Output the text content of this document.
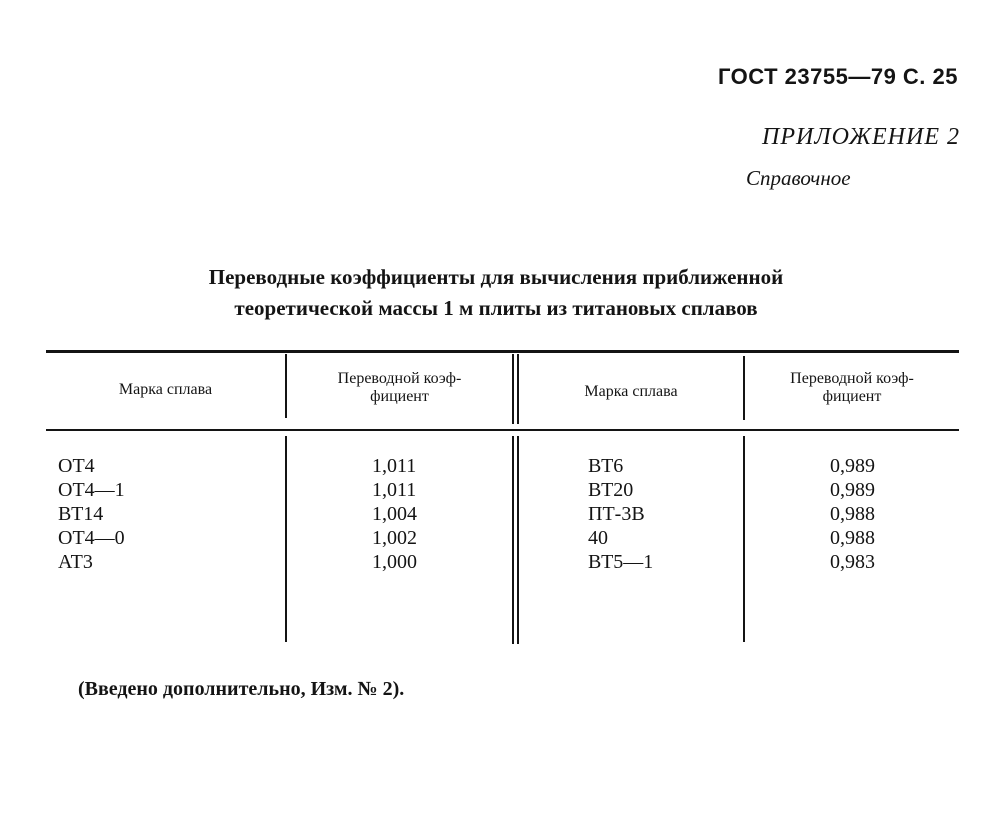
ГОСТ 23755—79 С. 25
ПРИЛОЖЕНИЕ 2
Справочное
Переводные коэффициенты для вычисления приближенной
теоретической массы 1 м плиты из титановых сплавов
Марка сплава
Переводной коэф-
фициент	Марка сплава
Переводной коэф-
фициент
ОТ4
ОТ4—1
ВТ14
ОТ4—0
АТ3
1,011
1,011
1,004
1,002
1,000
ВТ6
ВТ20
ПТ-3В
40
ВТ5—1
0,989
0,989
0,988
0,988
0,983
(Введено дополнительно, Изм. № 2).
